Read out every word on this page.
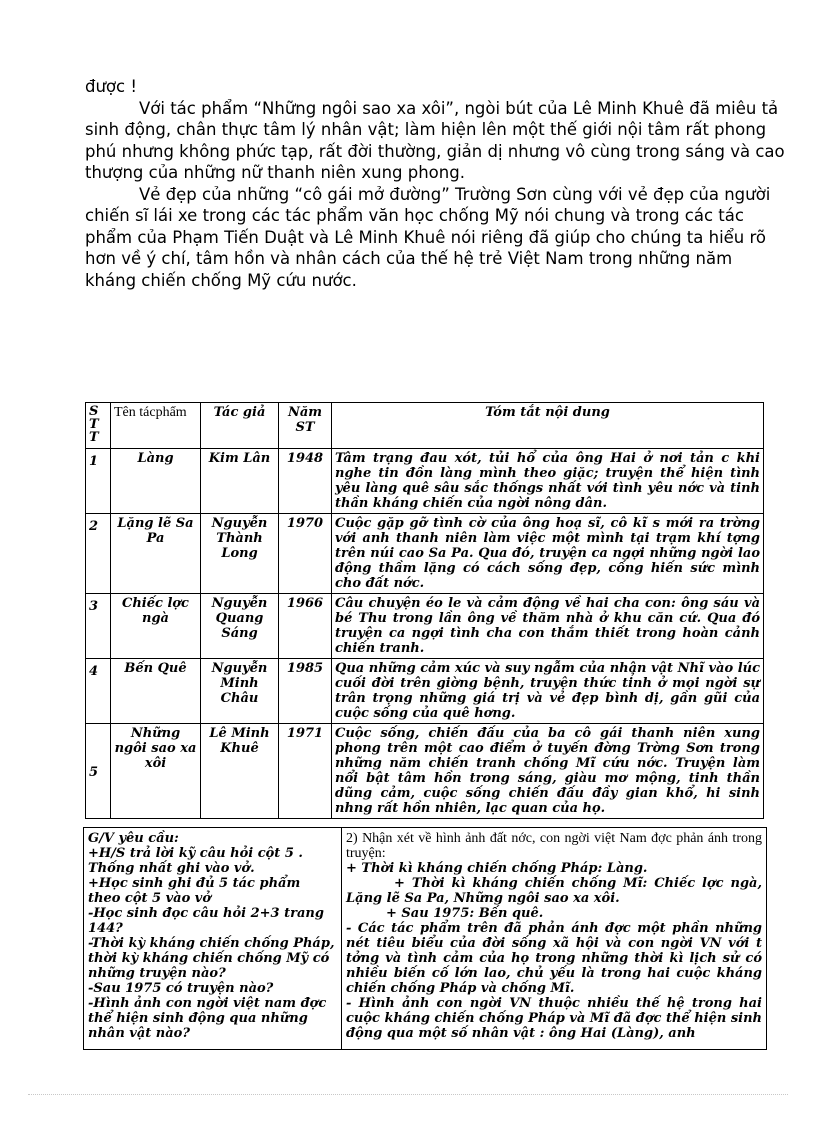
được !

Với tác phẩm “Những ngôi sao xa xôi”, ngòi bút của Lê Minh Khuê đã miêu tả sinh động, chân thực tâm lý nhân vật; làm hiện lên một thế giới nội tâm rất phong phú nhưng không phức tạp, rất đời thường, giản dị nhưng vô cùng trong sáng và cao thượng của những nữ thanh niên xung phong.

Vẻ đẹp của những “cô gái mở đường” Trường Sơn cùng với vẻ đẹp của người chiến sĩ lái xe trong các tác phẩm văn học chống Mỹ nói chung và trong các tác phẩm của Phạm Tiến Duật và Lê Minh Khuê nói riêng đã giúp cho chúng ta hiểu rõ hơn về ý chí, tâm hồn và nhân cách của thế hệ trẻ Việt Nam trong những năm kháng chiến chống Mỹ cứu nước.

S T T	Tên tácphẩm	Tác giả	Năm ST	Tóm tắt nội dung
1	Làng	Kim Lân	1948	Tâm trạng đau xót, tủi hổ của ông Hai ở nơi tản c khi nghe tin đồn làng mình theo giặc; truyện thể hiện tình yêu làng quê sâu sắc thốngs nhất với tình yêu nớc và tinh thần kháng chiến của ngời nông dân.
2	Lặng lẽ Sa Pa	Nguyễn Thành Long	1970	Cuộc gặp gỡ tình cờ của ông hoạ sĩ, cô kĩ s mới ra trờng với anh thanh niên làm việc một mình tại trạm khí tợng trên núi cao Sa Pa. Qua đó, truyện ca ngợi những ngời lao động thầm lặng có cách sống đẹp, cống hiến sức mình cho đất nớc.
3	Chiếc lợc ngà	Nguyễn Quang Sáng	1966	Câu chuyện éo le và cảm động về hai cha con: ông sáu và bé Thu trong lần ông về thăm nhà ở khu căn cứ. Qua đó truyện ca ngợi tình cha con thắm thiết trong hoàn cảnh chiến tranh.
4	Bến Quê	Nguyễn Minh Châu	1985	Qua những cảm xúc và suy ngẫm của nhân vật Nhĩ vào lúc cuối đời trên giờng bệnh, truyện thức tỉnh ở mọi ngời sự trân trọng những giá trị và vẻ đẹp bình dị, gần gũi của cuộc sống của quê hơng.
5	Những ngôi sao xa xôi	Lê Minh Khuê	1971	Cuộc sống, chiến đấu của ba cô gái thanh niên xung phong trên một cao điểm ở tuyến đờng Trờng Sơn trong những năm chiến tranh chống Mĩ cứu nớc. Truyện làm nổi bật tâm hồn trong sáng, giàu mơ mộng, tinh thần dũng cảm, cuộc sống chiến đấu đầy gian khổ, hi sinh nhng rất hồn nhiên, lạc quan của họ.
G/V yêu cầu:
+H/S trả lời kỹ câu hỏi cột 5 . Thống nhất ghi vào vở.
+Học sinh ghi đủ 5 tác phẩm theo cột 5 vào vở
-Học sinh đọc câu hỏi 2+3 trang 144?
-Thời kỳ kháng chiến chống Pháp, thời kỳ kháng chiến chống Mỹ có những truyện nào?
-Sau 1975 có truyện nào?
-Hình ảnh con ngời việt nam đợc thể hiện sinh động qua những nhân vật nào?

2) Nhận xét về hình ảnh đất nớc, con ngời việt Nam đợc phản ánh trong truyện:
+ Thời kì kháng chiến chống Pháp: Làng.
+ Thời kì kháng chiến chống Mĩ: Chiếc lợc ngà, Lặng lẽ Sa Pa, Những ngôi sao xa xôi.
+ Sau 1975: Bến quê.
- Các tác phẩm trên đã phản ánh đợc một phần những nét tiêu biểu của đời sống xã hội và con ngời VN với t tởng và tình cảm của họ trong những thời kì lịch sử có nhiều biến cố lớn lao, chủ yếu là trong hai cuộc kháng chiến chống Pháp và chống Mĩ.
- Hình ảnh con ngời VN thuộc nhiều thế hệ trong hai cuộc kháng chiến chống Pháp và Mĩ đã đợc thể hiện sinh động qua một số nhân vật : ông Hai (Làng), anh
